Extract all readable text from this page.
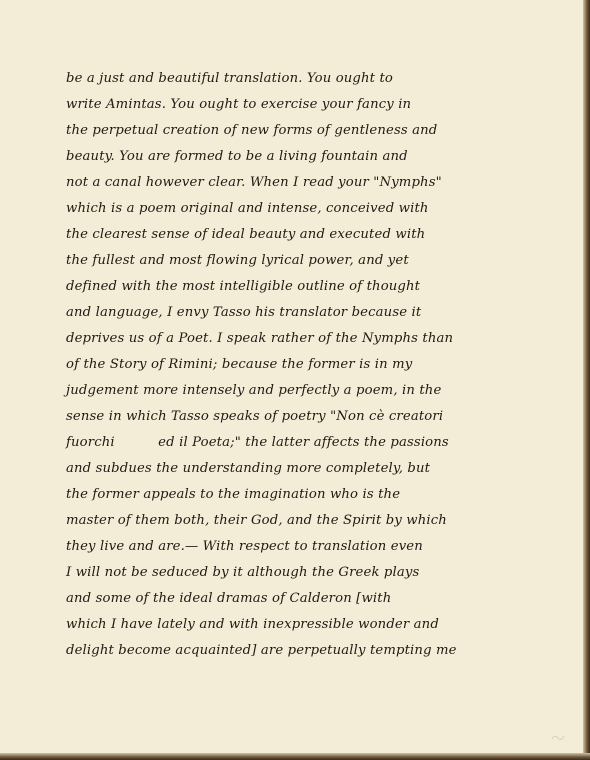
be a just and beautiful translation. You ought to
write Amintas. You ought to exercise your fancy in
the perpetual creation of new forms of gentleness and
beauty. You are formed to be a living fountain and
not a canal however clear. When I read your "Nymphs"
which is a poem original and intense, conceived with
the clearest sense of ideal beauty and executed with
the fullest and most flowing lyrical power, and yet
defined with the most intelligible outline of thought
and language, I envy Tasso his translator because it
deprives us of a Poet. I speak rather of the Nymphs than
of the Story of Rimini; because the former is in my
judgement more intensely and perfectly a poem, in the
sense in which Tasso speaks of poetry "Non cè creatori
fuorchi          ed il Poeta;" the latter affects the passions
and subdues the understanding more completely, but
the former appeals to the imagination who is the
master of them both, their God, and the Spirit by which
they live and are.— With respect to translation even
I will not be seduced by it although the Greek plays
and some of the ideal dramas of Calderon [with
which I have lately and with inexpressible wonder and
delight become acquainted] are perpetually tempting me
